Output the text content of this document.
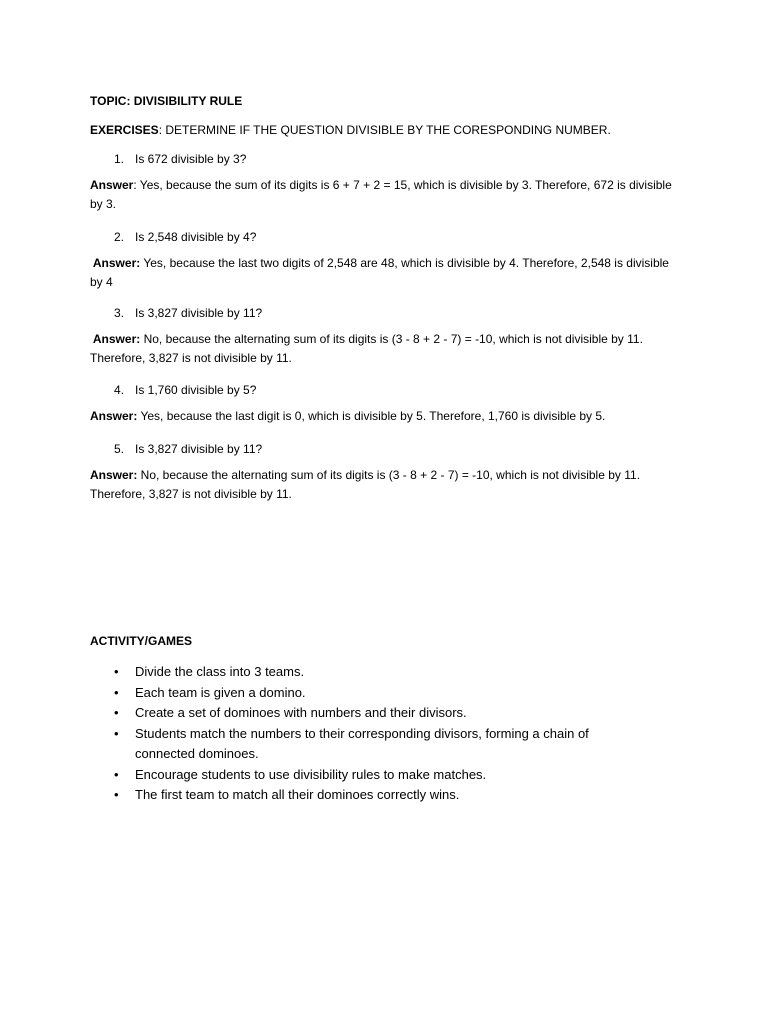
TOPIC: DIVISIBILITY RULE
EXERCISES: DETERMINE IF THE QUESTION DIVISIBLE BY THE CORESPONDING NUMBER.
1. Is 672 divisible by 3?
Answer: Yes, because the sum of its digits is 6 + 7 + 2 = 15, which is divisible by 3. Therefore, 672 is divisible by 3.
2. Is 2,548 divisible by 4?
Answer: Yes, because the last two digits of 2,548 are 48, which is divisible by 4. Therefore, 2,548 is divisible by 4
3. Is 3,827 divisible by 11?
Answer: No, because the alternating sum of its digits is (3 - 8 + 2 - 7) = -10, which is not divisible by 11. Therefore, 3,827 is not divisible by 11.
4. Is 1,760 divisible by 5?
Answer: Yes, because the last digit is 0, which is divisible by 5. Therefore, 1,760 is divisible by 5.
5. Is 3,827 divisible by 11?
Answer: No, because the alternating sum of its digits is (3 - 8 + 2 - 7) = -10, which is not divisible by 11. Therefore, 3,827 is not divisible by 11.
ACTIVITY/GAMES
• Divide the class into 3 teams.
• Each team is given a domino.
• Create a set of dominoes with numbers and their divisors.
• Students match the numbers to their corresponding divisors, forming a chain of connected dominoes.
• Encourage students to use divisibility rules to make matches.
• The first team to match all their dominoes correctly wins.
